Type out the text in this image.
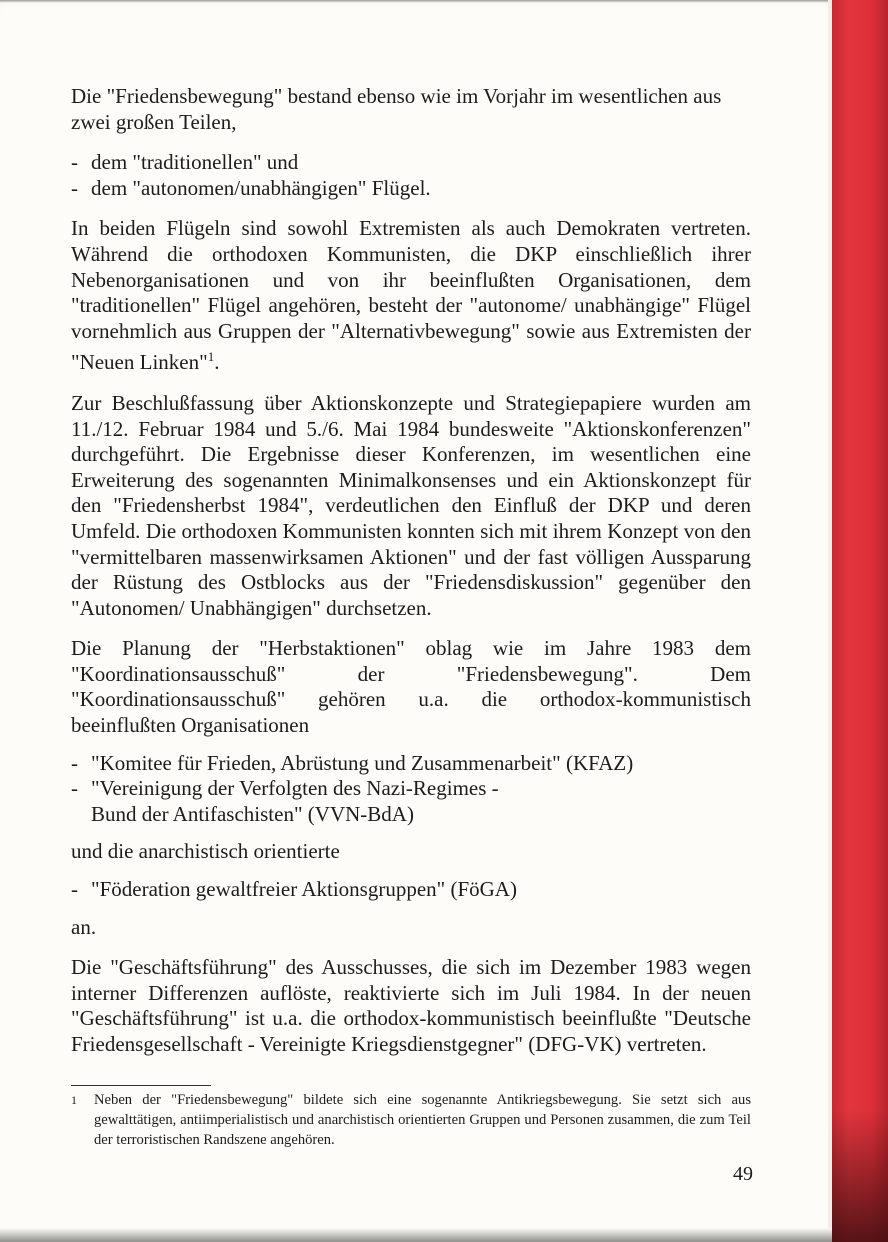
Die "Friedensbewegung" bestand ebenso wie im Vorjahr im wesentlichen aus zwei großen Teilen,

- dem "traditionellen" und
- dem "autonomen/unabhängigen" Flügel.

In beiden Flügeln sind sowohl Extremisten als auch Demokraten vertreten. Während die orthodoxen Kommunisten, die DKP einschließlich ihrer Nebenorganisationen und von ihr beeinflußten Organisationen, dem "traditionellen" Flügel angehören, besteht der "autonome/ unabhängige" Flügel vornehmlich aus Gruppen der "Alternativbewegung" sowie aus Extremisten der "Neuen Linken"$^1$.

Zur Beschlußfassung über Aktionskonzepte und Strategiepapiere wurden am 11./12. Februar 1984 und 5./6. Mai 1984 bundesweite "Aktionskonferenzen" durchgeführt. Die Ergebnisse dieser Konferenzen, im wesentlichen eine Erweiterung des sogenannten Minimalkonsenses und ein Aktionskonzept für den "Friedensherbst 1984", verdeutlichen den Einfluß der DKP und deren Umfeld. Die orthodoxen Kommunisten konnten sich mit ihrem Konzept von den "vermittelbaren massenwirksamen Aktionen" und der fast völligen Aussparung der Rüstung des Ostblocks aus der "Friedensdiskussion" gegenüber den "Autonomen/ Unabhängigen" durchsetzen.

Die Planung der "Herbstaktionen" oblag wie im Jahre 1983 dem "Koordinationsausschuß" der "Friedensbewegung". Dem "Koordinationsausschuß" gehören u.a. die orthodox-kommunistisch beeinflußten Organisationen

- "Komitee für Frieden, Abrüstung und Zusammenarbeit" (KFAZ)
- "Vereinigung der Verfolgten des Nazi-Regimes -
Bund der Antifaschisten" (VVN-BdA)

und die anarchistisch orientierte

- "Föderation gewaltfreier Aktionsgruppen" (FöGA)

an.

Die "Geschäftsführung" des Ausschusses, die sich im Dezember 1983 wegen interner Differenzen auflöste, reaktivierte sich im Juli 1984. In der neuen "Geschäftsführung" ist u.a. die orthodox-kommunistisch beeinflußte "Deutsche Friedensgesellschaft - Vereinigte Kriegsdienstgegner" (DFG-VK) vertreten.

1 Neben der "Friedensbewegung" bildete sich eine sogenannte Antikriegsbewegung. Sie setzt sich aus gewalttätigen, antiimperialistisch und anarchistisch orientierten Gruppen und Personen zusammen, die zum Teil der terroristischen Randszene angehören.
49
